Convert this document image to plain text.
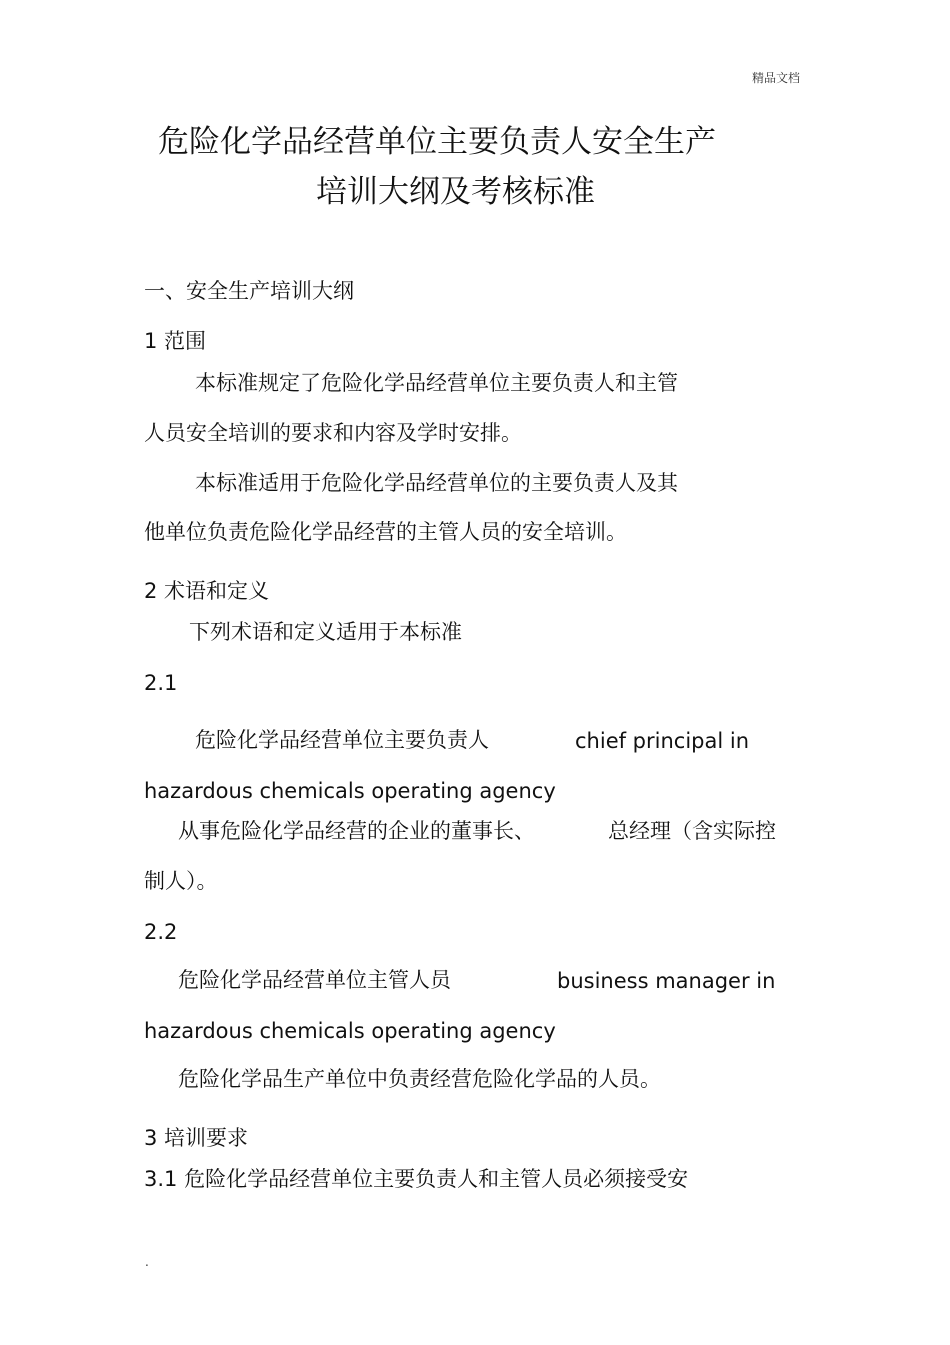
精品文档
危险化学品经营单位主要负责人安全生产
培训大纲及考核标准
一、安全生产培训大纲
1 范围
本标准规定了危险化学品经营单位主要负责人和主管
人员安全培训的要求和内容及学时安排。
本标准适用于危险化学品经营单位的主要负责人及其
他单位负责危险化学品经营的主管人员的安全培训。
2 术语和定义
下列术语和定义适用于本标准
2.1
危险化学品经营单位主要负责人	chief principal in
hazardous chemicals operating agency
从事危险化学品经营的企业的董事长、	总经理（含实际控
制人）。
2.2
危险化学品经营单位主管人员	business manager in
hazardous chemicals operating agency
危险化学品生产单位中负责经营危险化学品的人员。
3 培训要求
3.1 危险化学品经营单位主要负责人和主管人员必须接受安
.
